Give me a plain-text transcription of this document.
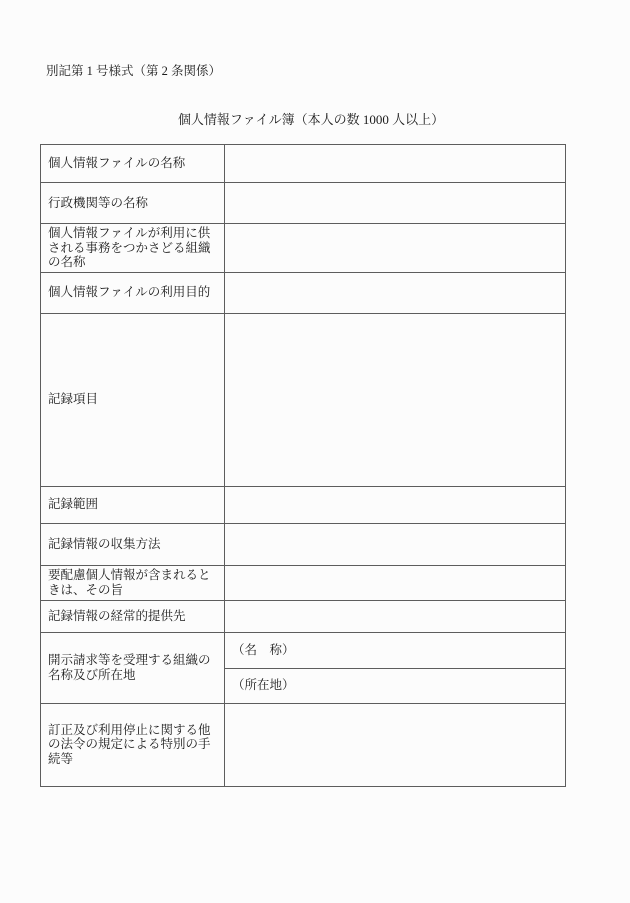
別記第 1 号様式（第 2 条関係）
個人情報ファイル簿（本人の数 1000 人以上）
個人情報ファイルの名称	
行政機関等の名称	
個人情報ファイルが利用に供される事務をつかさどる組織の名称	
個人情報ファイルの利用目的	
記録項目	
記録範囲	
記録情報の収集方法	
要配慮個人情報が含まれるときは、その旨	
記録情報の経常的提供先	
開示請求等を受理する組織の名称及び所在地	（名　称）
	（所在地）
訂正及び利用停止に関する他の法令の規定による特別の手続等	
